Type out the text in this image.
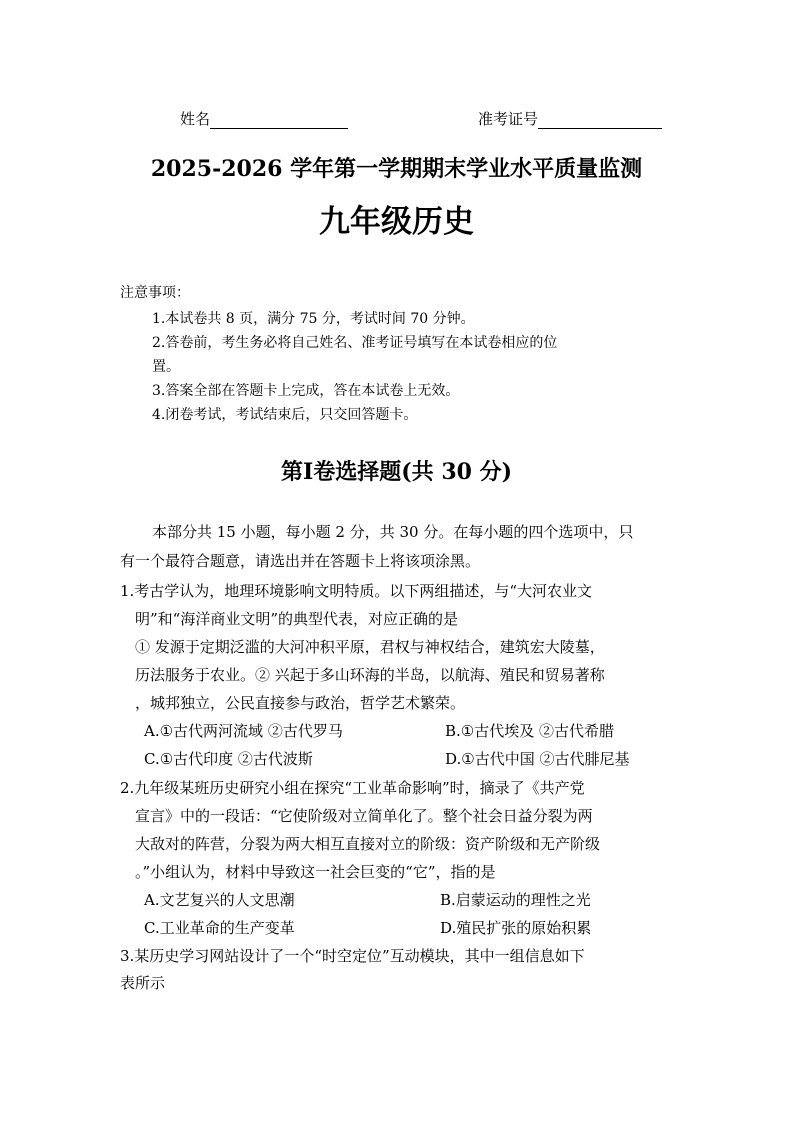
姓名	准考证号
2025-2026 学年第一学期期末学业水平质量监测
九年级历史
注意事项：
1.本试卷共 8 页，满分 75 分，考试时间 70 分钟。
2.答卷前，考生务必将自己姓名、准考证号填写在本试卷相应的位
置。
3.答案全部在答题卡上完成，答在本试卷上无效。
4.闭卷考试，考试结束后，只交回答题卡。
第Ⅰ卷选择题(共 30 分)
本部分共 15 小题，每小题 2 分，共 30 分。在每小题的四个选项中，只
有一个最符合题意，请选出并在答题卡上将该项涂黑。
1.考古学认为，地理环境影响文明特质。以下两组描述，与“大河农业文
明”和“海洋商业文明”的典型代表，对应正确的是
① 发源于定期泛滥的大河冲积平原，君权与神权结合，建筑宏大陵墓，
历法服务于农业。② 兴起于多山环海的半岛，以航海、殖民和贸易著称
，城邦独立，公民直接参与政治，哲学艺术繁荣。
A.①古代两河流域 ②古代罗马	B.①古代埃及 ②古代希腊
C.①古代印度 ②古代波斯	D.①古代中国 ②古代腓尼基
2.九年级某班历史研究小组在探究“工业革命影响”时，摘录了《共产党
宣言》中的一段话：“它使阶级对立简单化了。整个社会日益分裂为两
大敌对的阵营，分裂为两大相互直接对立的阶级：资产阶级和无产阶级
。”小组认为，材料中导致这一社会巨变的“它”，指的是
A.文艺复兴的人文思潮	B.启蒙运动的理性之光
C.工业革命的生产变革	D.殖民扩张的原始积累
3.某历史学习网站设计了一个“时空定位”互动模块，其中一组信息如下
表所示
